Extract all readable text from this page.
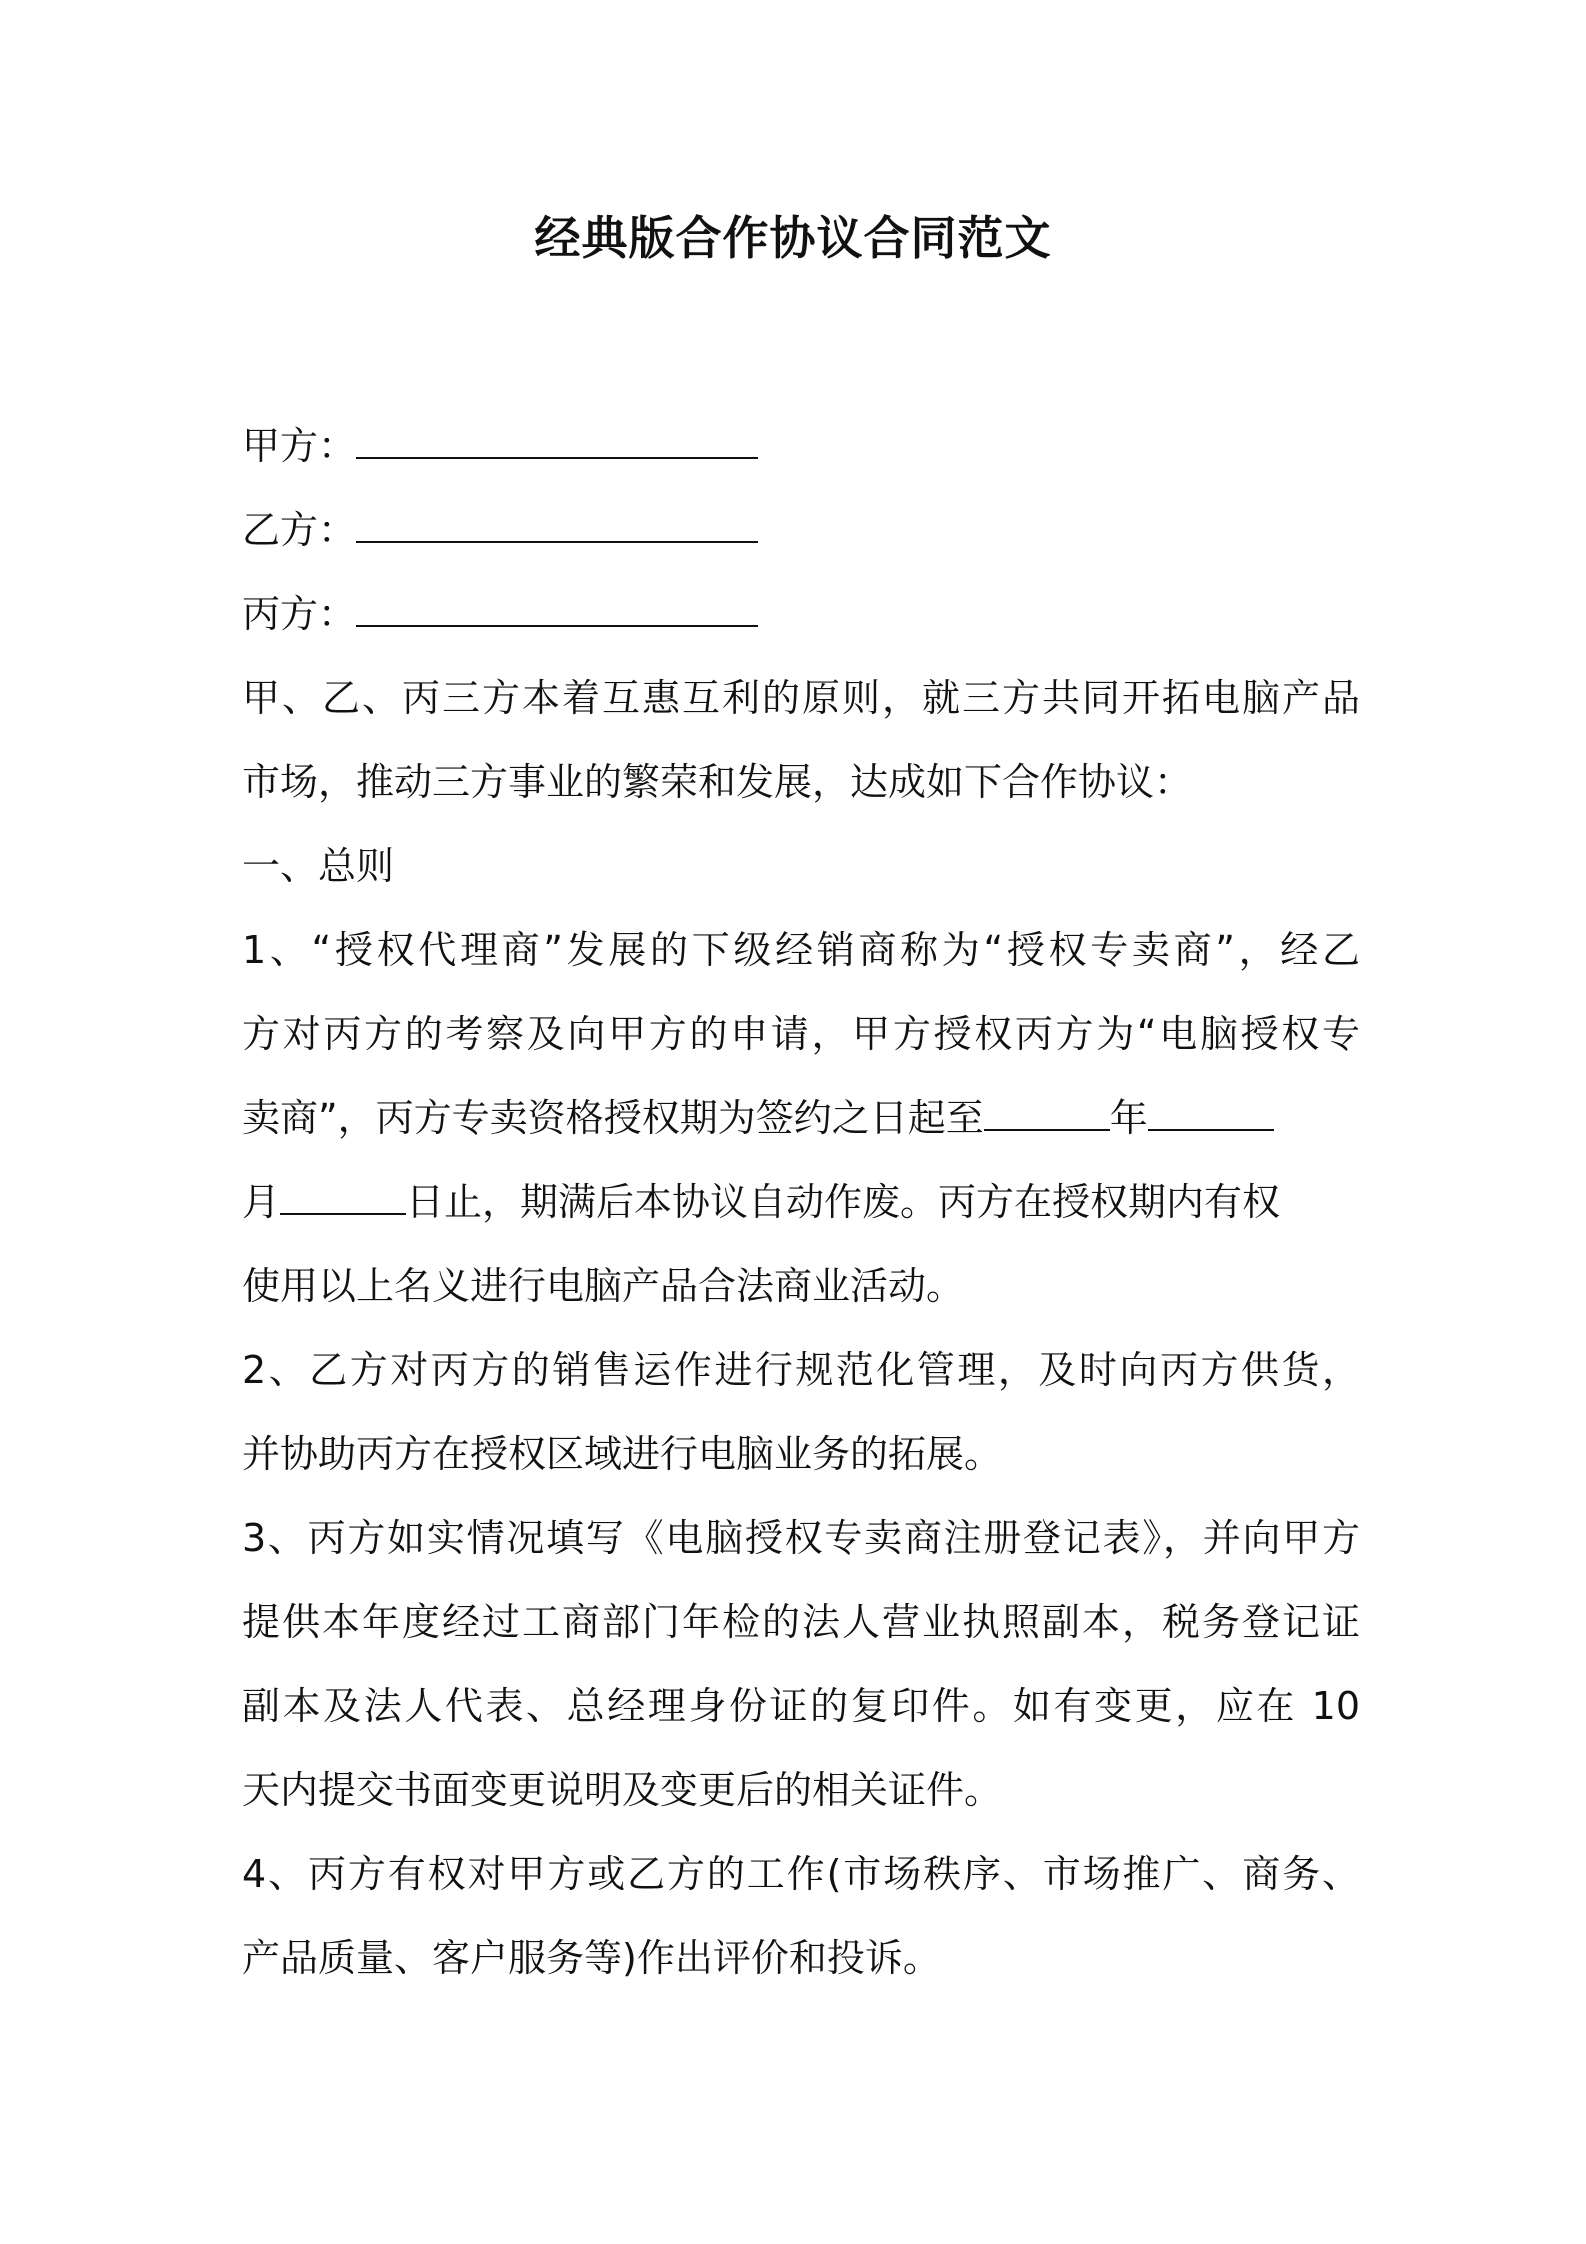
经典版合作协议合同范文
甲方：
乙方：
丙方：
甲、乙、丙三方本着互惠互利的原则，就三方共同开拓电脑产品
市场，推动三方事业的繁荣和发展，达成如下合作协议：
一、总则
1、“授权代理商”发展的下级经销商称为“授权专卖商”，经乙
方对丙方的考察及向甲方的申请，甲方授权丙方为“电脑授权专
卖商”，丙方专卖资格授权期为签约之日起至	年
月	日止，期满后本协议自动作废。丙方在授权期内有权
使用以上名义进行电脑产品合法商业活动。
2、乙方对丙方的销售运作进行规范化管理，及时向丙方供货，
并协助丙方在授权区域进行电脑业务的拓展。
3、丙方如实情况填写《电脑授权专卖商注册登记表》，并向甲方
提供本年度经过工商部门年检的法人营业执照副本，税务登记证
副本及法人代表、总经理身份证的复印件。如有变更，应在 10
天内提交书面变更说明及变更后的相关证件。
4、丙方有权对甲方或乙方的工作(市场秩序、市场推广、商务、
产品质量、客户服务等)作出评价和投诉。
